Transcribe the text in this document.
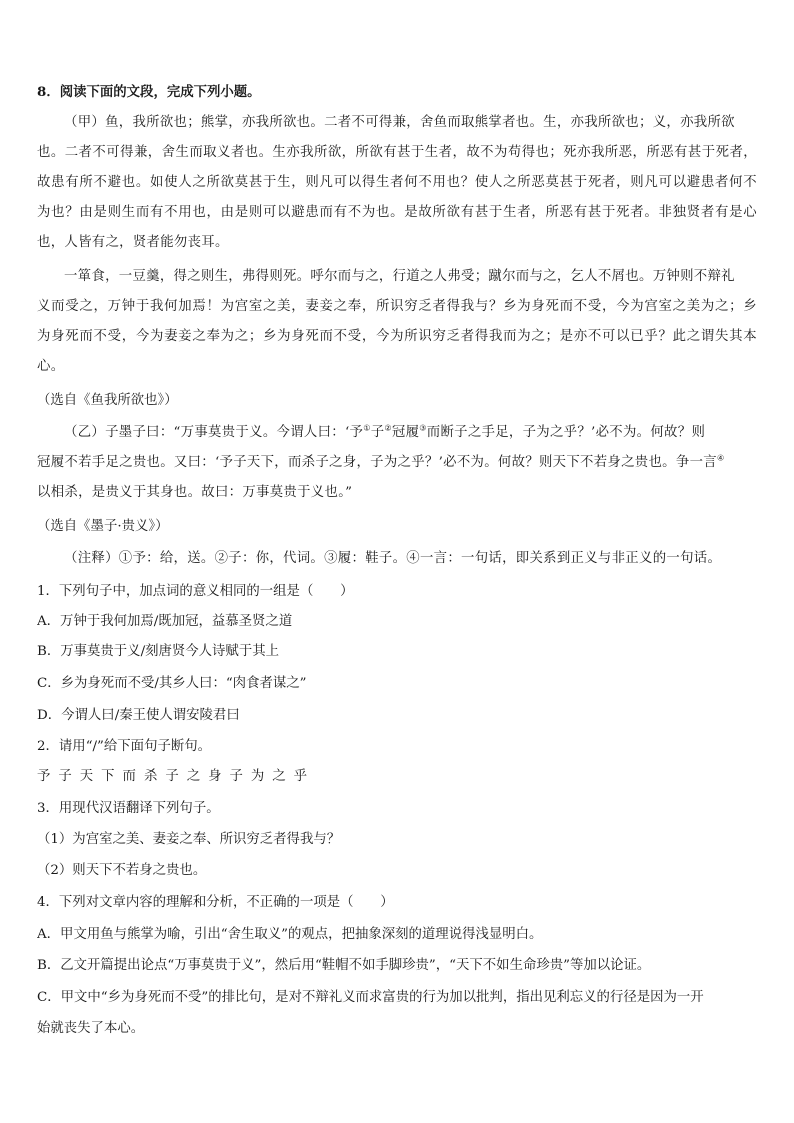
8．阅读下面的文段，完成下列小题。
（甲）鱼，我所欲也；熊掌，亦我所欲也。二者不可得兼，舍鱼而取熊掌者也。生，亦我所欲也；义，亦我所欲
也。二者不可得兼，舍生而取义者也。生亦我所欲，所欲有甚于生者，故不为苟得也；死亦我所恶，所恶有甚于死者，
故患有所不避也。如使人之所欲莫甚于生，则凡可以得生者何不用也？使人之所恶莫甚于死者，则凡可以避患者何不
为也？由是则生而有不用也，由是则可以避患而有不为也。是故所欲有甚于生者，所恶有甚于死者。非独贤者有是心
也，人皆有之，贤者能勿丧耳。
一箪食，一豆羹，得之则生，弗得则死。呼尔而与之，行道之人弗受；蹴尔而与之，乞人不屑也。万钟则不辩礼
义而受之，万钟于我何加焉！为宫室之美，妻妾之奉，所识穷乏者得我与？乡为身死而不受，今为宫室之美为之；乡
为身死而不受，今为妻妾之奉为之；乡为身死而不受，今为所识穷乏者得我而为之；是亦不可以已乎？此之谓失其本
心。
（选自《鱼我所欲也》）
（乙）子墨子曰：“万事莫贵于义。今谓人曰：‘予①子②冠履③而断子之手足，子为之乎？’必不为。何故？则
冠履不若手足之贵也。又曰：‘予子天下，而杀子之身，子为之乎？’必不为。何故？则天下不若身之贵也。争一言④
以相杀，是贵义于其身也。故曰：万事莫贵于义也。”
（选自《墨子·贵义》）
（注释）①予：给，送。②子：你，代词。③履：鞋子。④一言：一句话，即关系到正义与非正义的一句话。
1．下列句子中，加点词的意义相同的一组是（　　）
A．万钟于我何加焉/既加冠，益慕圣贤之道
B．万事莫贵于义/刻唐贤今人诗赋于其上
C．乡为身死而不受/其乡人曰：“肉食者谋之”
D．今谓人曰/秦王使人谓安陵君曰
2．请用“/”给下面句子断句。
予子天下而杀子之身子为之乎
3．用现代汉语翻译下列句子。
（1）为宫室之美、妻妾之奉、所识穷乏者得我与？
（2）则天下不若身之贵也。
4．下列对文章内容的理解和分析，不正确的一项是（　　）
A．甲文用鱼与熊掌为喻，引出“舍生取义”的观点，把抽象深刻的道理说得浅显明白。
B．乙文开篇提出论点“万事莫贵于义”，然后用“鞋帽不如手脚珍贵”，“天下不如生命珍贵”等加以论证。
C．甲文中“乡为身死而不受”的排比句，是对不辩礼义而求富贵的行为加以批判，指出见利忘义的行径是因为一开
始就丧失了本心。
